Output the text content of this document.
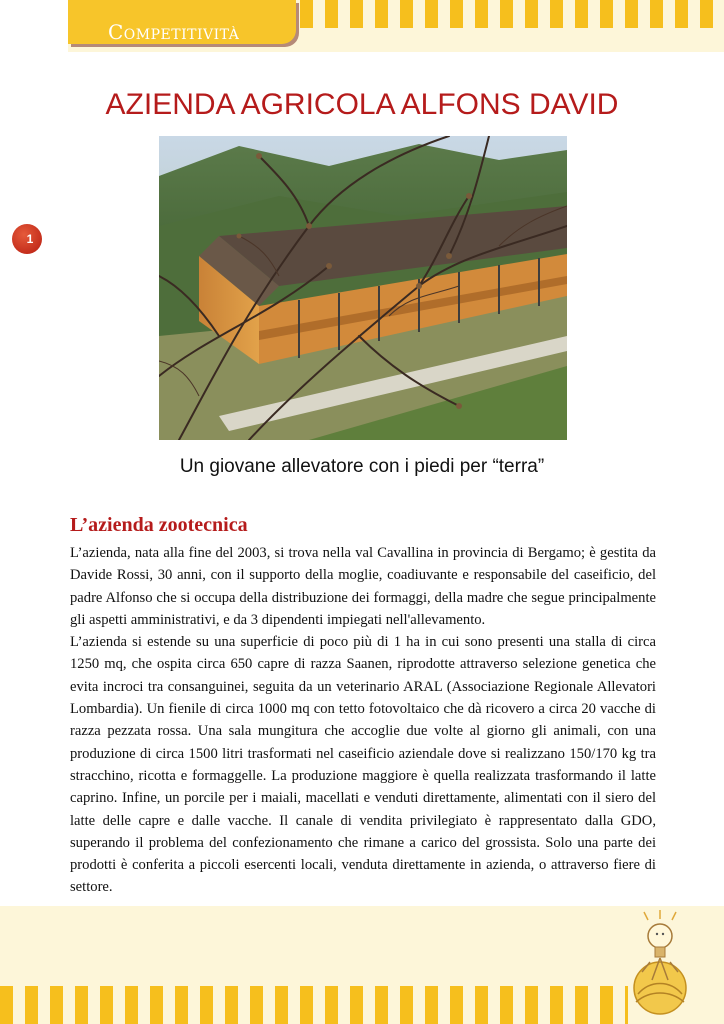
Competitività
AZIENDA AGRICOLA ALFONS DAVID
1
Un giovane allevatore con i piedi per “terra”
L’azienda zootecnica

L’azienda, nata alla fine del 2003, si trova nella val Cavallina in provincia di Bergamo; è gestita da Davide Rossi, 30 anni, con il supporto della moglie, coadiuvante e responsabile del caseificio, del padre Alfonso che si occupa della distribuzione dei formaggi, della madre che segue principalmente gli aspetti amministrativi, e da 3 dipendenti impiegati nell'allevamento.

L’azienda si estende su una superficie di poco più di 1 ha in cui sono presenti una stalla di circa 1250 mq, che ospita circa 650 capre di razza Saanen, riprodotte attraverso selezione genetica che evita incroci tra consanguinei, seguita da un veterinario ARAL (Associazione Regionale Allevatori Lombardia). Un fienile di circa 1000 mq con tetto fotovoltaico che dà ricovero a circa 20 vacche di razza pezzata rossa. Una sala mungitura che accoglie due volte al giorno gli animali, con una produzione di circa 1500 litri trasformati nel caseificio aziendale dove si realizzano 150/170 kg tra stracchino, ricotta e formaggelle. La produzione maggiore è quella realizzata trasformando il latte caprino. Infine, un porcile per i maiali, macellati e venduti direttamente, alimentati con il siero del latte delle capre e dalle vacche. Il canale di vendita privilegiato è rappresentato dalla GDO, superando il problema del confezionamento che rimane a carico del grossista. Solo una parte dei prodotti è conferita a piccoli esercenti locali, venduta direttamente in azienda, o attraverso fiere di settore.
